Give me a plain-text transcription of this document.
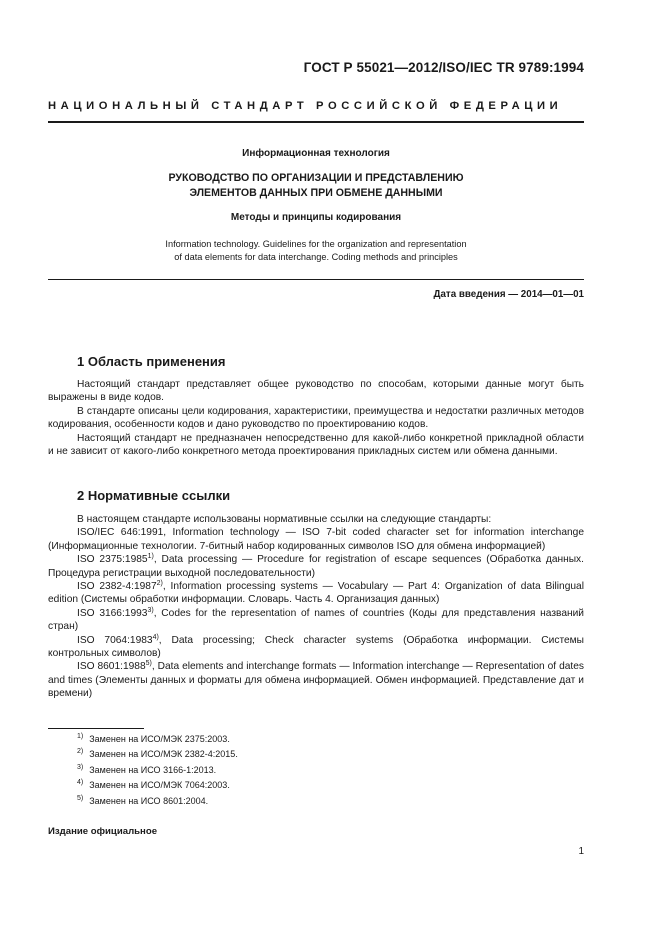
ГОСТ Р 55021—2012/ISO/IEC TR 9789:1994
НАЦИОНАЛЬНЫЙ СТАНДАРТ РОССИЙСКОЙ ФЕДЕРАЦИИ
Информационная технология
РУКОВОДСТВО ПО ОРГАНИЗАЦИИ И ПРЕДСТАВЛЕНИЮ
ЭЛЕМЕНТОВ ДАННЫХ ПРИ ОБМЕНЕ ДАННЫМИ
Методы и принципы кодирования
Information technology. Guidelines for the organization and representation
of data elements for data interchange. Coding methods and principles
Дата введения — 2014—01—01
1 Область применения

Настоящий стандарт представляет общее руководство по способам, которыми данные могут быть выражены в виде кодов.

В стандарте описаны цели кодирования, характеристики, преимущества и недостатки различных методов кодирования, особенности кодов и дано руководство по проектированию кодов.

Настоящий стандарт не предназначен непосредственно для какой-либо конкретной прикладной области и не зависит от какого-либо конкретного метода проектирования прикладных систем или обмена данными.

2 Нормативные ссылки

В настоящем стандарте использованы нормативные ссылки на следующие стандарты:

ISO/IEC 646:1991, Information technology — ISO 7-bit coded character set for information interchange (Информационные технологии. 7-битный набор кодированных символов ISO для обмена информацией)

ISO 2375:1985$^{1)}$, Data processing — Procedure for registration of escape sequences (Обработка данных. Процедура регистрации выходной последовательности)

ISO 2382-4:1987$^{2)}$, Information processing systems — Vocabulary — Part 4: Organization of data Bilingual edition (Системы обработки информации. Словарь. Часть 4. Организация данных)

ISO 3166:1993$^{3)}$, Codes for the representation of names of countries (Коды для представления названий стран)

ISO 7064:1983$^{4)}$, Data processing; Check character systems (Обработка информации. Системы контрольных символов)

ISO 8601:1988$^{5)}$, Data elements and interchange formats — Information interchange — Representation of dates and times (Элементы данных и форматы для обмена информацией. Обмен информацией. Представление дат и времени)

$^{1)}$ Заменен на ИСО/МЭК 2375:2003.
$^{2)}$ Заменен на ИСО/МЭК 2382-4:2015.
$^{3)}$ Заменен на ИСО 3166-1:2013.
$^{4)}$ Заменен на ИСО/МЭК 7064:2003.
$^{5)}$ Заменен на ИСО 8601:2004.
Издание официальное
1
